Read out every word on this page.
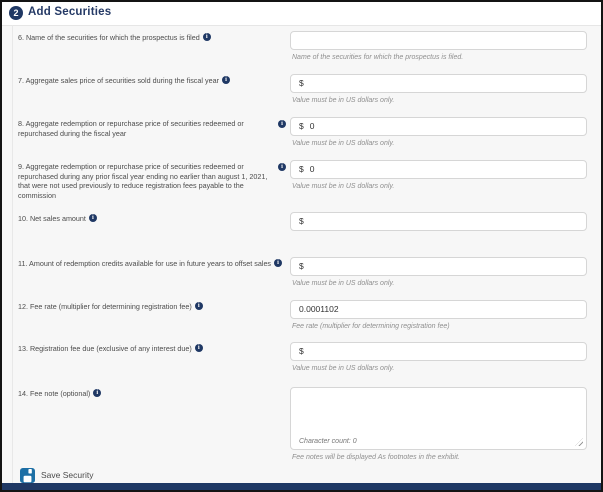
2 Add Securities
6. Name of the securities for which the prospectus is filed i
Name of the securities for which the prospectus is filed.
7. Aggregate sales price of securities sold during the fiscal year i	$
Value must be in US dollars only.
8. Aggregate redemption or repurchase price of securities redeemed or repurchased during the fiscal year
i	$ 0
Value must be in US dollars only.
9. Aggregate redemption or repurchase price of securities redeemed or repurchased during any prior fiscal year ending no earlier than august 1, 2021, that were not used previously to reduce registration fees payable to the commission
i	$ 0
Value must be in US dollars only.
10. Net sales amount i	$
11. Amount of redemption credits available for use in future years to offset sales i	$
Value must be in US dollars only.
12. Fee rate (multiplier for determining registration fee) i	0.0001102
Fee rate (multiplier for determining registration fee)
13. Registration fee due (exclusive of any interest due) i	$
Value must be in US dollars only.
14. Fee note (optional) i
Character count: 0
Fee notes will be displayed As footnotes in the exhibit.
Save Security
